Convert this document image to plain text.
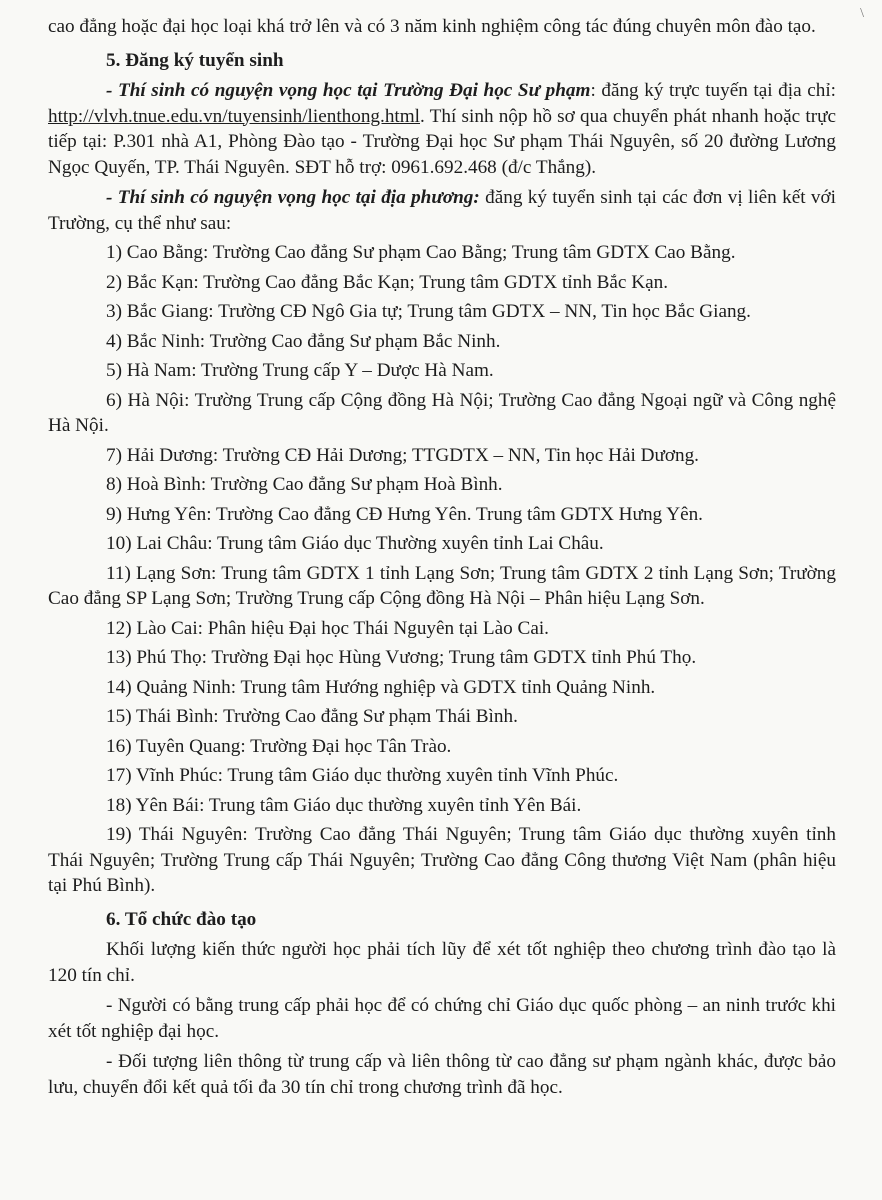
\

cao đẳng hoặc đại học loại khá trở lên và có 3 năm kinh nghiệm công tác đúng chuyên môn đào tạo.

5. Đăng ký tuyển sinh

- Thí sinh có nguyện vọng học tại Trường Đại học Sư phạm: đăng ký trực tuyến tại địa chỉ: http://vlvh.tnue.edu.vn/tuyensinh/lienthong.html. Thí sinh nộp hồ sơ qua chuyển phát nhanh hoặc trực tiếp tại: P.301 nhà A1, Phòng Đào tạo - Trường Đại học Sư phạm Thái Nguyên, số 20 đường Lương Ngọc Quyến, TP. Thái Nguyên. SĐT hỗ trợ: 0961.692.468 (đ/c Thắng).

- Thí sinh có nguyện vọng học tại địa phương: đăng ký tuyển sinh tại các đơn vị liên kết với Trường, cụ thể như sau:

1) Cao Bằng: Trường Cao đẳng Sư phạm Cao Bằng; Trung tâm GDTX Cao Bằng.

2) Bắc Kạn: Trường Cao đẳng Bắc Kạn; Trung tâm GDTX tỉnh Bắc Kạn.

3) Bắc Giang: Trường CĐ Ngô Gia tự; Trung tâm GDTX – NN, Tin học Bắc Giang.

4) Bắc Ninh: Trường Cao đẳng Sư phạm Bắc Ninh.

5) Hà Nam: Trường Trung cấp Y – Dược Hà Nam.

6) Hà Nội: Trường Trung cấp Cộng đồng Hà Nội; Trường Cao đẳng Ngoại ngữ và Công nghệ Hà Nội.

7) Hải Dương: Trường CĐ Hải Dương; TTGDTX – NN, Tin học Hải Dương.

8) Hoà Bình: Trường Cao đẳng Sư phạm Hoà Bình.

9) Hưng Yên: Trường Cao đẳng CĐ Hưng Yên. Trung tâm GDTX Hưng Yên.

10) Lai Châu: Trung tâm Giáo dục Thường xuyên tỉnh Lai Châu.

11) Lạng Sơn: Trung tâm GDTX 1 tỉnh Lạng Sơn; Trung tâm GDTX 2 tỉnh Lạng Sơn; Trường Cao đẳng SP Lạng Sơn; Trường Trung cấp Cộng đồng Hà Nội – Phân hiệu Lạng Sơn.

12) Lào Cai: Phân hiệu Đại học Thái Nguyên tại Lào Cai.

13) Phú Thọ: Trường Đại học Hùng Vương; Trung tâm GDTX tỉnh Phú Thọ.

14) Quảng Ninh: Trung tâm Hướng nghiệp và GDTX tỉnh Quảng Ninh.

15) Thái Bình: Trường Cao đẳng Sư phạm Thái Bình.

16) Tuyên Quang: Trường Đại học Tân Trào.

17) Vĩnh Phúc: Trung tâm Giáo dục thường xuyên tỉnh Vĩnh Phúc.

18) Yên Bái: Trung tâm Giáo dục thường xuyên tỉnh Yên Bái.

19) Thái Nguyên: Trường Cao đẳng Thái Nguyên; Trung tâm Giáo dục thường xuyên tỉnh Thái Nguyên; Trường Trung cấp Thái Nguyên; Trường Cao đẳng Công thương Việt Nam (phân hiệu tại Phú Bình).

6. Tổ chức đào tạo

Khối lượng kiến thức người học phải tích lũy để xét tốt nghiệp theo chương trình đào tạo là 120 tín chỉ.

- Người có bằng trung cấp phải học để có chứng chỉ Giáo dục quốc phòng – an ninh trước khi xét tốt nghiệp đại học.

- Đối tượng liên thông từ trung cấp và liên thông từ cao đẳng sư phạm ngành khác, được bảo lưu, chuyển đổi kết quả tối đa 30 tín chỉ trong chương trình đã học.
